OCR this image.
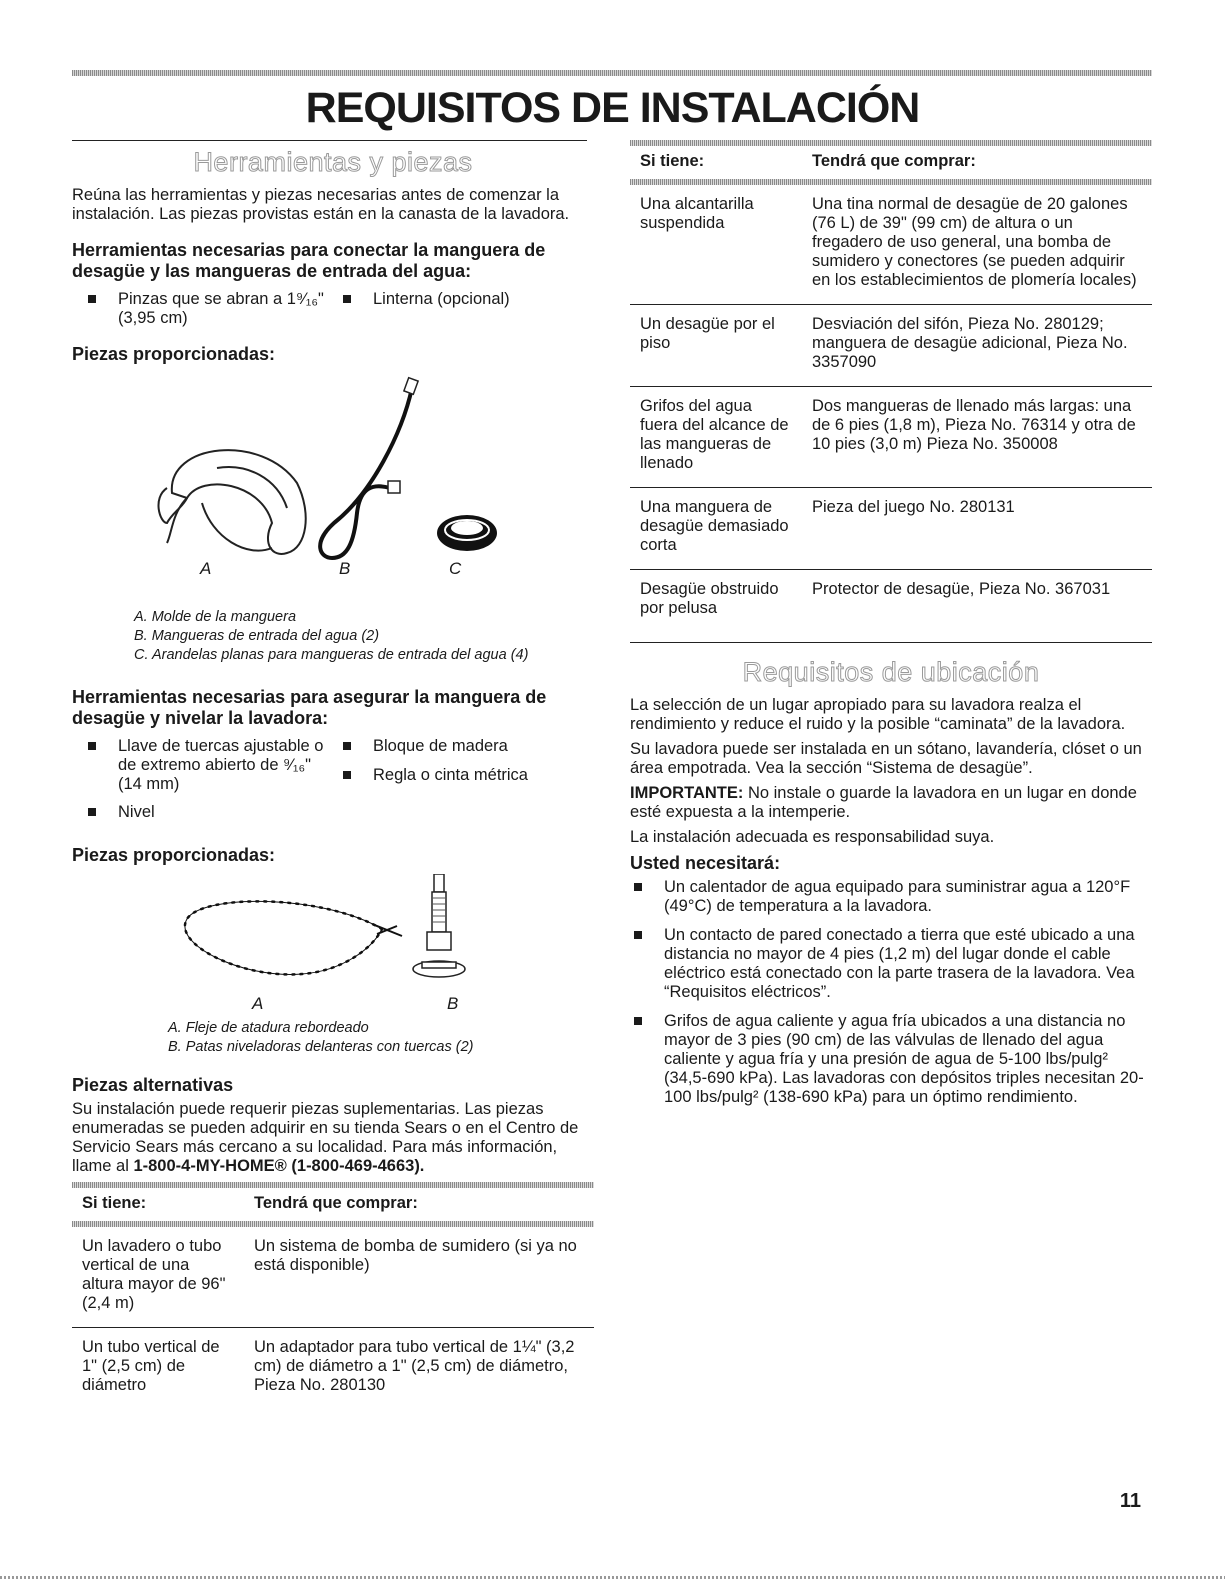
REQUISITOS DE INSTALACIÓN
Herramientas y piezas

Reúna las herramientas y piezas necesarias antes de comenzar la instalación. Las piezas provistas están en la canasta de la lavadora.

Herramientas necesarias para conectar la manguera de desagüe y las mangueras de entrada del agua:
Pinzas que se abran a 1⁹⁄₁₆" (3,95 cm)
Linterna (opcional)
Piezas proporcionadas:
A	B	C
A. Molde de la manguera
B. Mangueras de entrada del agua (2)
C. Arandelas planas para mangueras de entrada del agua (4)
Herramientas necesarias para asegurar la manguera de desagüe y nivelar la lavadora:
Llave de tuercas ajustable o de extremo abierto de ⁹⁄₁₆" (14 mm)
Bloque de madera
Regla o cinta métrica
Nivel
Piezas proporcionadas:
A	B
A. Fleje de atadura rebordeado
B. Patas niveladoras delanteras con tuercas (2)
Piezas alternativas

Su instalación puede requerir piezas suplementarias. Las piezas enumeradas se pueden adquirir en su tienda Sears o en el Centro de Servicio Sears más cercano a su localidad. Para más información, llame al 1-800-4-MY-HOME® (1-800-469-4663).

Si tiene:	Tendrá que comprar:

Un lavadero o tubo vertical de una altura mayor de 96" (2,4 m)	Un sistema de bomba de sumidero (si ya no está disponible)
Un tubo vertical de 1" (2,5 cm) de diámetro	Un adaptador para tubo vertical de 1¼" (3,2 cm) de diámetro a 1" (2,5 cm) de diámetro, Pieza No. 280130

Si tiene:	Tendrá que comprar:

Una alcantarilla suspendida	Una tina normal de desagüe de 20 galones (76 L) de 39" (99 cm) de altura o un fregadero de uso general, una bomba de sumidero y conectores (se pueden adquirir en los establecimientos de plomería locales)
Un desagüe por el piso	Desviación del sifón, Pieza No. 280129; manguera de desagüe adicional, Pieza No. 3357090
Grifos del agua fuera del alcance de las mangueras de llenado	Dos mangueras de llenado más largas: una de 6 pies (1,8 m), Pieza No. 76314 y otra de 10 pies (3,0 m) Pieza No. 350008
Una manguera de desagüe demasiado corta	Pieza del juego No. 280131
Desagüe obstruido por pelusa	Protector de desagüe, Pieza No. 367031
Requisitos de ubicación

La selección de un lugar apropiado para su lavadora realza el rendimiento y reduce el ruido y la posible “caminata” de la lavadora.

Su lavadora puede ser instalada en un sótano, lavandería, clóset o un área empotrada. Vea la sección “Sistema de desagüe”.

IMPORTANTE: No instale o guarde la lavadora en un lugar en donde esté expuesta a la intemperie.

La instalación adecuada es responsabilidad suya.

Usted necesitará:
Un calentador de agua equipado para suministrar agua a 120°F (49°C) de temperatura a la lavadora.
Un contacto de pared conectado a tierra que esté ubicado a una distancia no mayor de 4 pies (1,2 m) del lugar donde el cable eléctrico está conectado con la parte trasera de la lavadora. Vea “Requisitos eléctricos”.
Grifos de agua caliente y agua fría ubicados a una distancia no mayor de 3 pies (90 cm) de las válvulas de llenado del agua caliente y agua fría y una presión de agua de 5-100 lbs/pulg² (34,5-690 kPa). Las lavadoras con depósitos triples necesitan 20-100 lbs/pulg² (138-690 kPa) para un óptimo rendimiento.
11
